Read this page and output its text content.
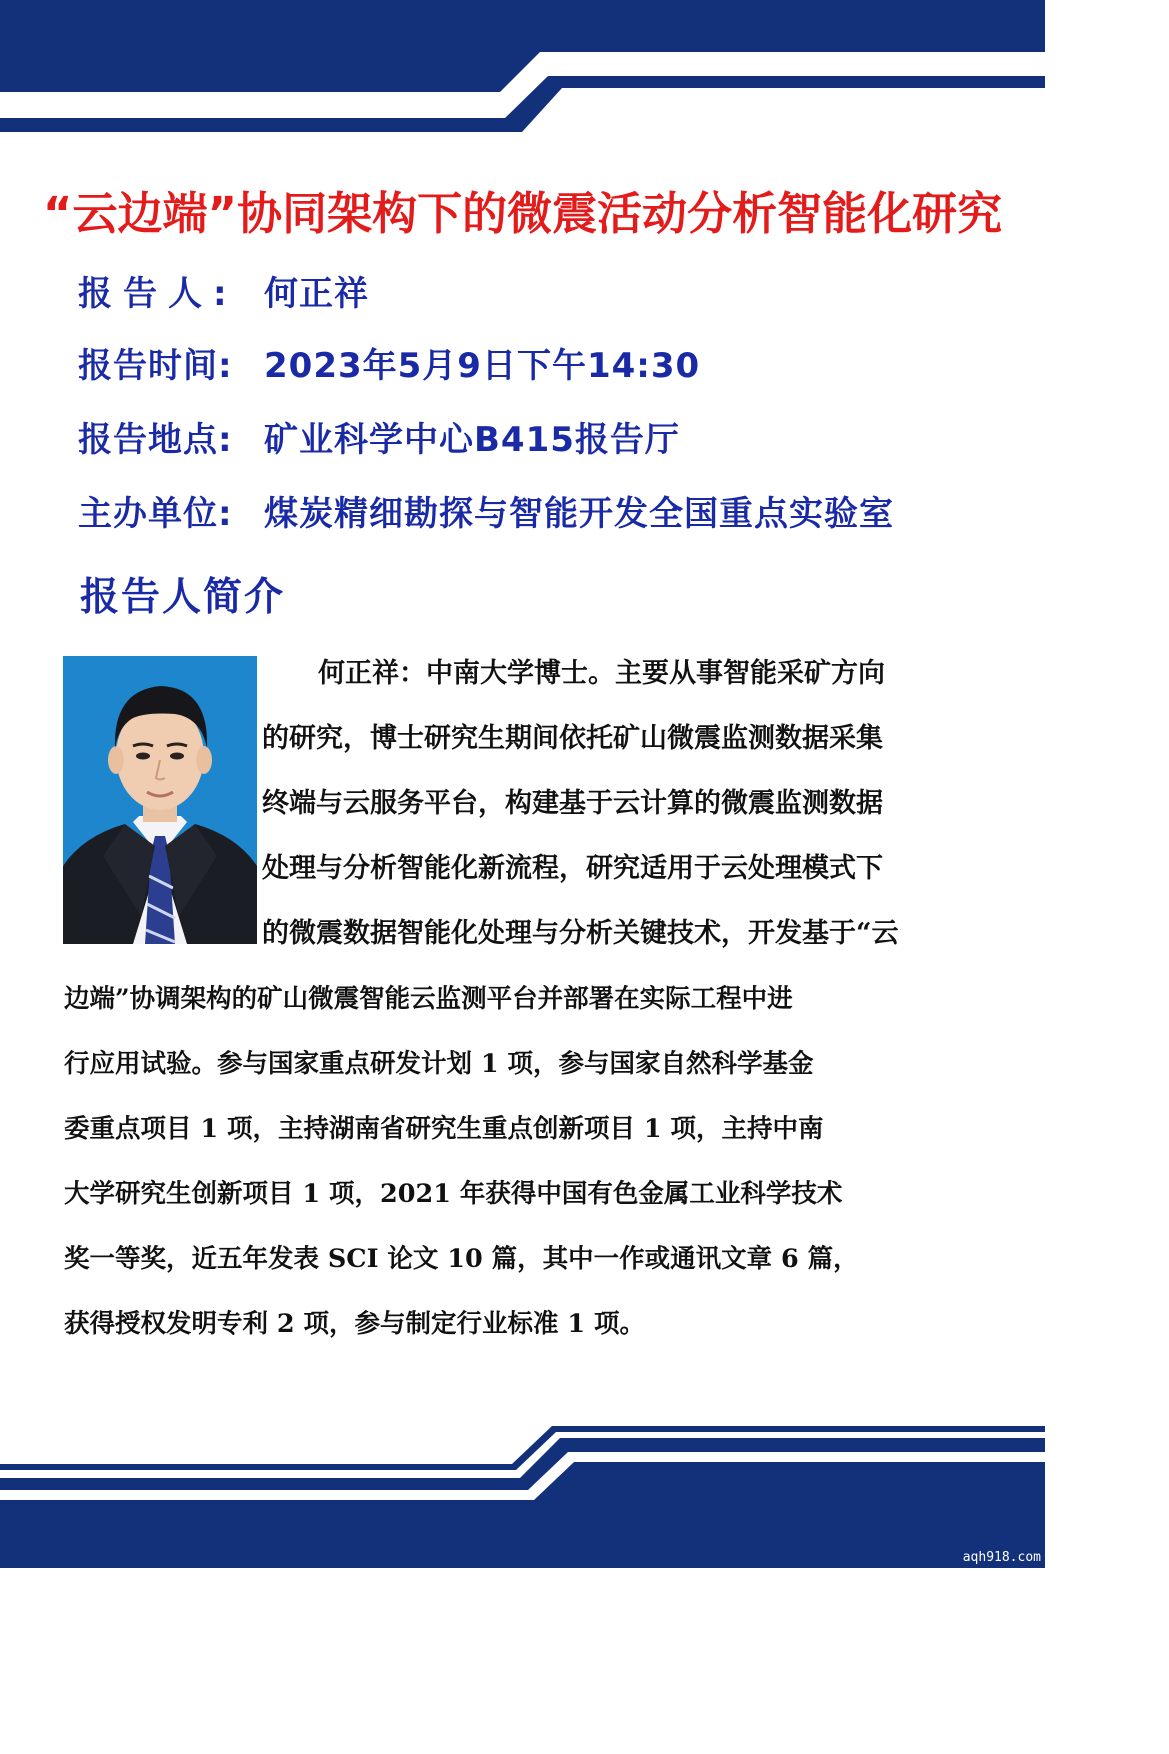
“云边端”协同架构下的微震活动分析智能化研究
报告人: 何正祥
报告时间: 2023年5月9日下午14:30
报告地点: 矿业科学中心B415报告厅
主办单位: 煤炭精细勘探与智能开发全国重点实验室
报告人简介
何正祥：中南大学博士。主要从事智能采矿方向
的研究，博士研究生期间依托矿山微震监测数据采集
终端与云服务平台，构建基于云计算的微震监测数据
处理与分析智能化新流程，研究适用于云处理模式下
的微震数据智能化处理与分析关键技术，开发基于“云
边端”协调架构的矿山微震智能云监测平台并部署在实际工程中进
行应用试验。参与国家重点研发计划 1 项，参与国家自然科学基金
委重点项目 1 项，主持湖南省研究生重点创新项目 1 项，主持中南
大学研究生创新项目 1 项，2021 年获得中国有色金属工业科学技术
奖一等奖，近五年发表 SCI 论文 10 篇，其中一作或通讯文章 6 篇，
获得授权发明专利 2 项，参与制定行业标准 1 项。
aqh918.com
